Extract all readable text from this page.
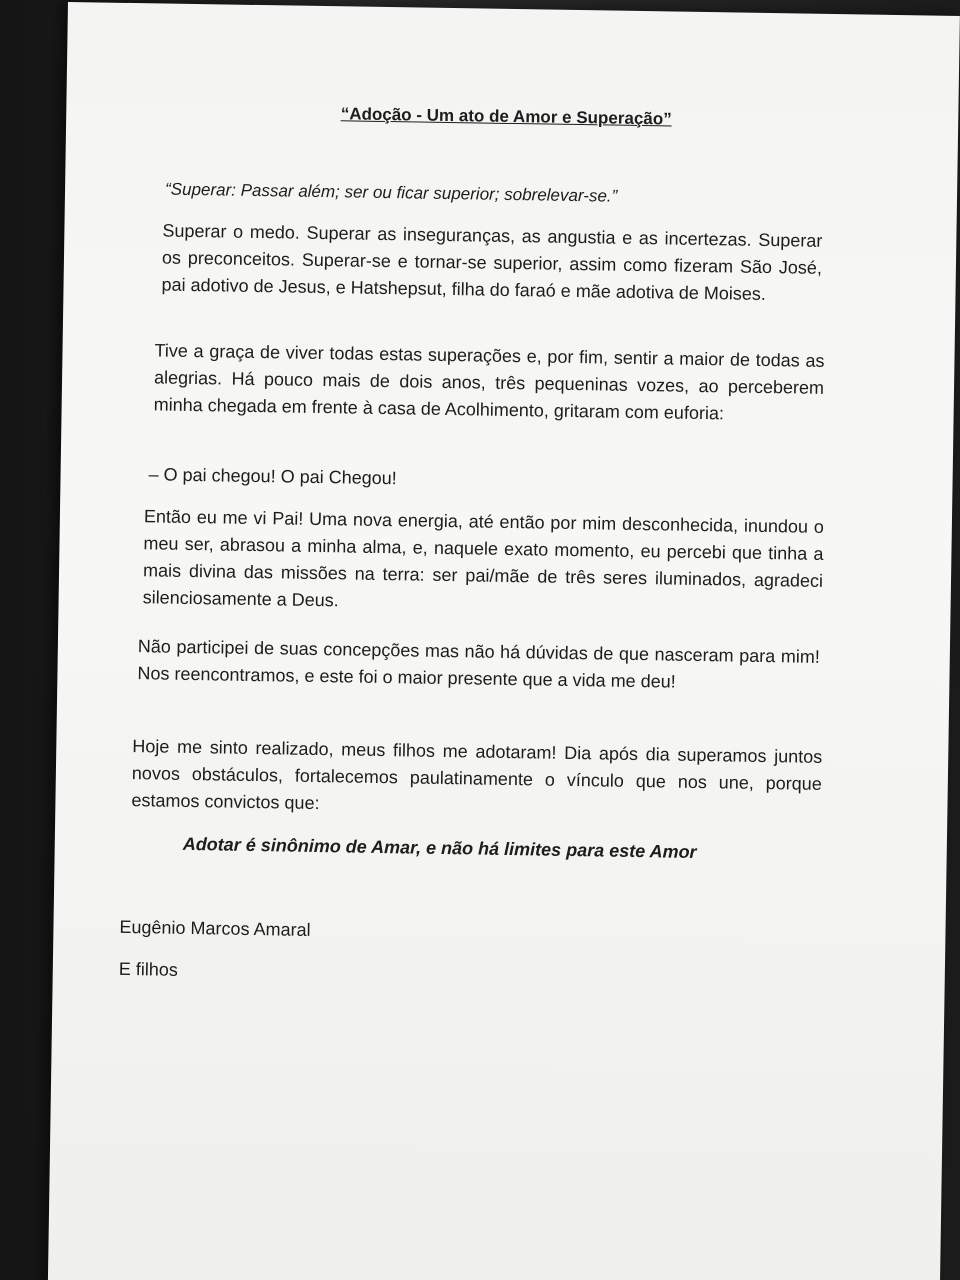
“Adoção - Um ato de Amor e Superação”

“Superar: Passar além; ser ou ficar superior; sobrelevar-se.”

Superar o medo. Superar as inseguranças, as angustia e as incertezas. Superar os preconceitos. Superar-se e tornar-se superior, assim como fizeram São José, pai adotivo de Jesus, e Hatshepsut, filha do faraó e mãe adotiva de Moises.

Tive a graça de viver todas estas superações e, por fim, sentir a maior de todas as alegrias. Há pouco mais de dois anos, três pequeninas vozes, ao perceberem minha chegada em frente à casa de Acolhimento, gritaram com euforia:

– O pai chegou! O pai Chegou!

Então eu me vi Pai! Uma nova energia, até então por mim desconhecida, inundou o meu ser, abrasou a minha alma, e, naquele exato momento, eu percebi que tinha a mais divina das missões na terra: ser pai/mãe de três seres iluminados, agradeci silenciosamente a Deus.

Não participei de suas concepções mas não há dúvidas de que nasceram para mim! Nos reencontramos, e este foi o maior presente que a vida me deu!

Hoje me sinto realizado, meus filhos me adotaram! Dia após dia superamos juntos novos obstáculos, fortalecemos paulatinamente o vínculo que nos une, porque estamos convictos que:

Adotar é sinônimo de Amar, e não há limites para este Amor

Eugênio Marcos Amaral

E filhos
